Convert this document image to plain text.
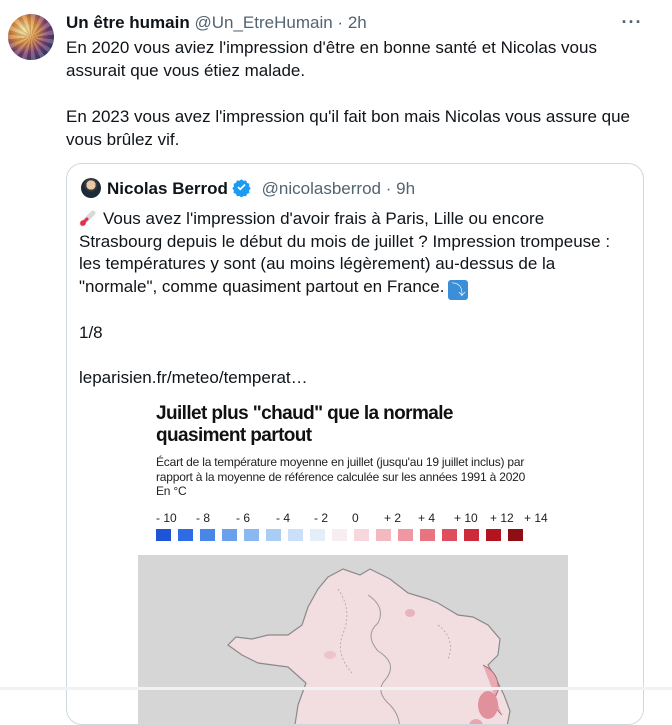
Un être humain @Un_EtreHumain · 2h	···

En 2020 vous aviez l'impression d'être en bonne santé et Nicolas vous assurait que vous étiez malade.

En 2023 vous avez l'impression qu'il fait bon mais Nicolas vous assure que vous brûlez vif.

Nicolas Berrod @nicolasberrod · 9h

Vous avez l'impression d'avoir frais à Paris, Lille ou encore Strasbourg depuis le début du mois de juillet ? Impression trompeuse : les températures y sont (au moins légèrement) au-dessus de la "normale", comme quasiment partout en France. ⤵

1/8

leparisien.fr/meteo/temperat…

Juillet plus "chaud" que la normale
quasiment partout
Écart de la température moyenne en juillet (jusqu'au 19 juillet inclus) par rapport à la moyenne de référence calculée sur les années 1991 à 2020
En °C
- 10 - 8 - 6 - 4 - 2 0 + 2 + 4 + 10 + 12 + 14
